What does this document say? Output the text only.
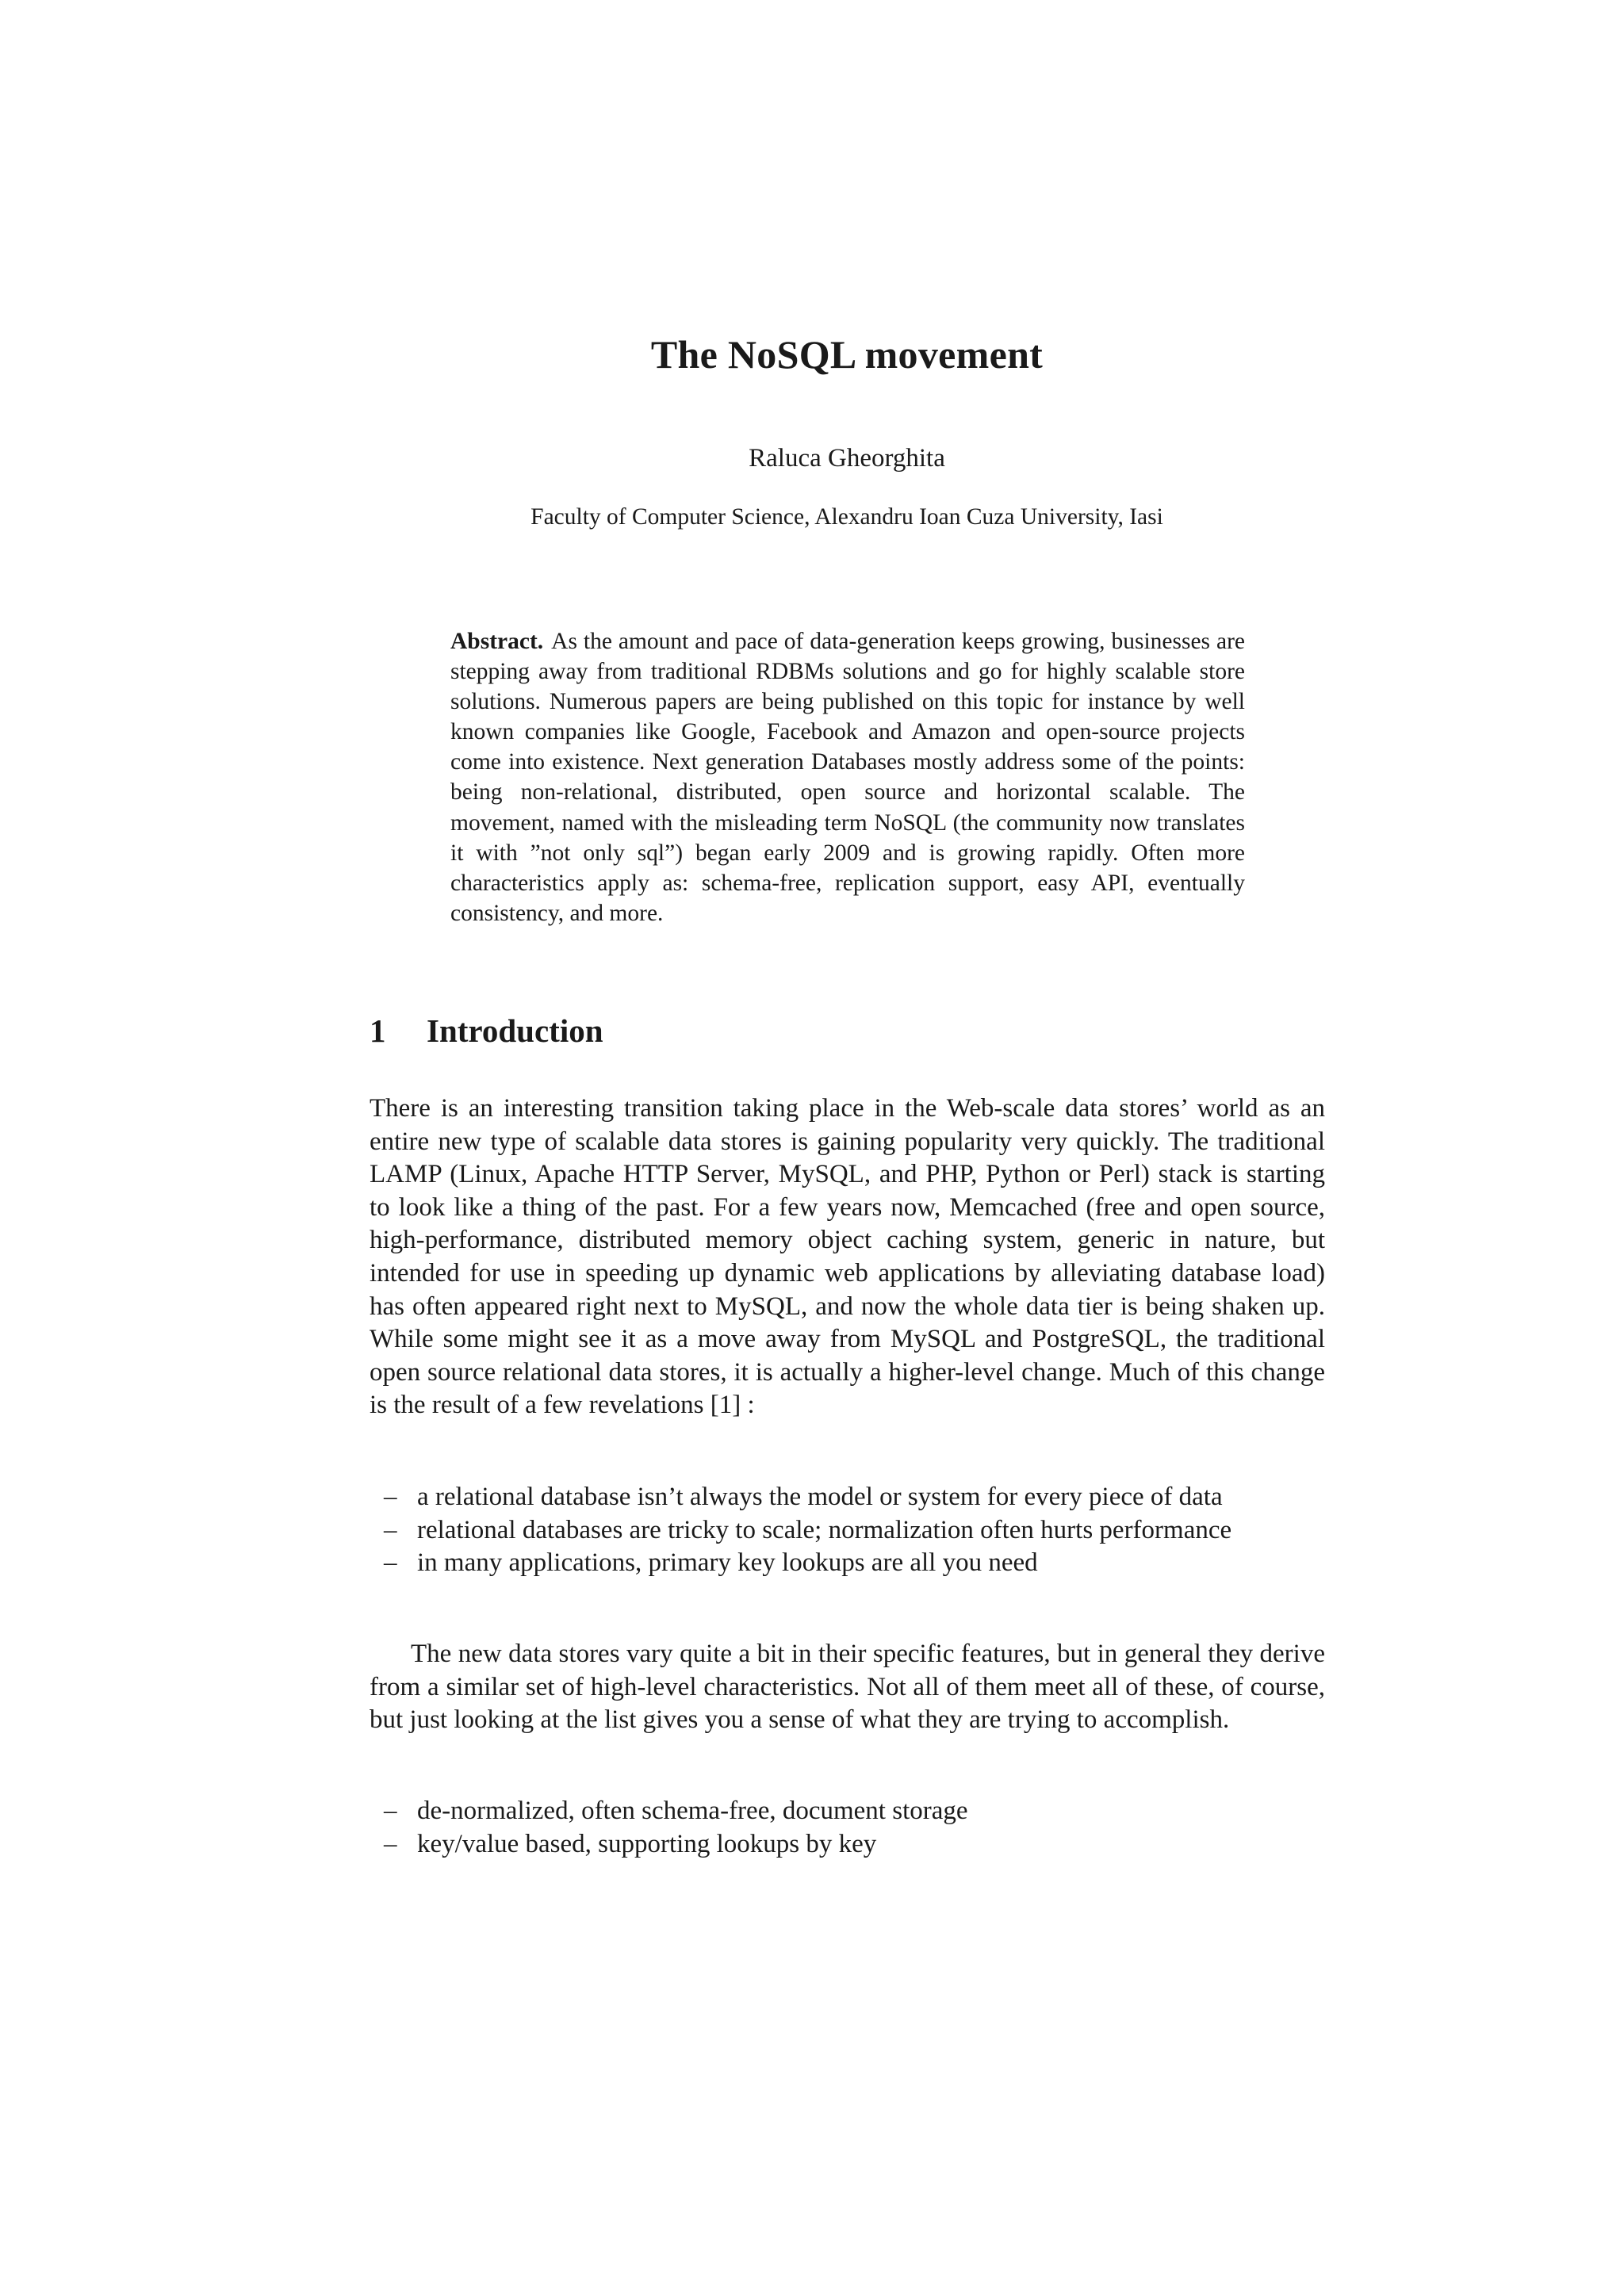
The NoSQL movement
Raluca Gheorghita
Faculty of Computer Science, Alexandru Ioan Cuza University, Iasi
Abstract. As the amount and pace of data-generation keeps growing, businesses are stepping away from traditional RDBMs solutions and go for highly scalable store solutions. Numerous papers are being published on this topic for instance by well known companies like Google, Facebook and Amazon and open-source projects come into existence. Next generation Databases mostly address some of the points: being non-relational, distributed, open source and horizontal scalable. The movement, named with the misleading term NoSQL (the community now translates it with ”not only sql”) began early 2009 and is growing rapidly. Often more characteristics apply as: schema-free, replication support, easy API, eventually consistency, and more.
1 Introduction

There is an interesting transition taking place in the Web-scale data stores’ world as an entire new type of scalable data stores is gaining popularity very quickly. The traditional LAMP (Linux, Apache HTTP Server, MySQL, and PHP, Python or Perl) stack is starting to look like a thing of the past. For a few years now, Memcached (free and open source, high-performance, distributed memory object caching system, generic in nature, but intended for use in speeding up dynamic web applications by alleviating database load) has often appeared right next to MySQL, and now the whole data tier is being shaken up. While some might see it as a move away from MySQL and PostgreSQL, the traditional open source relational data stores, it is actually a higher-level change. Much of this change is the result of a few revelations [1] :

– a relational database isn’t always the model or system for every piece of data
– relational databases are tricky to scale; normalization often hurts performance
– in many applications, primary key lookups are all you need

The new data stores vary quite a bit in their specific features, but in general they derive from a similar set of high-level characteristics. Not all of them meet all of these, of course, but just looking at the list gives you a sense of what they are trying to accomplish.

– de-normalized, often schema-free, document storage
– key/value based, supporting lookups by key
